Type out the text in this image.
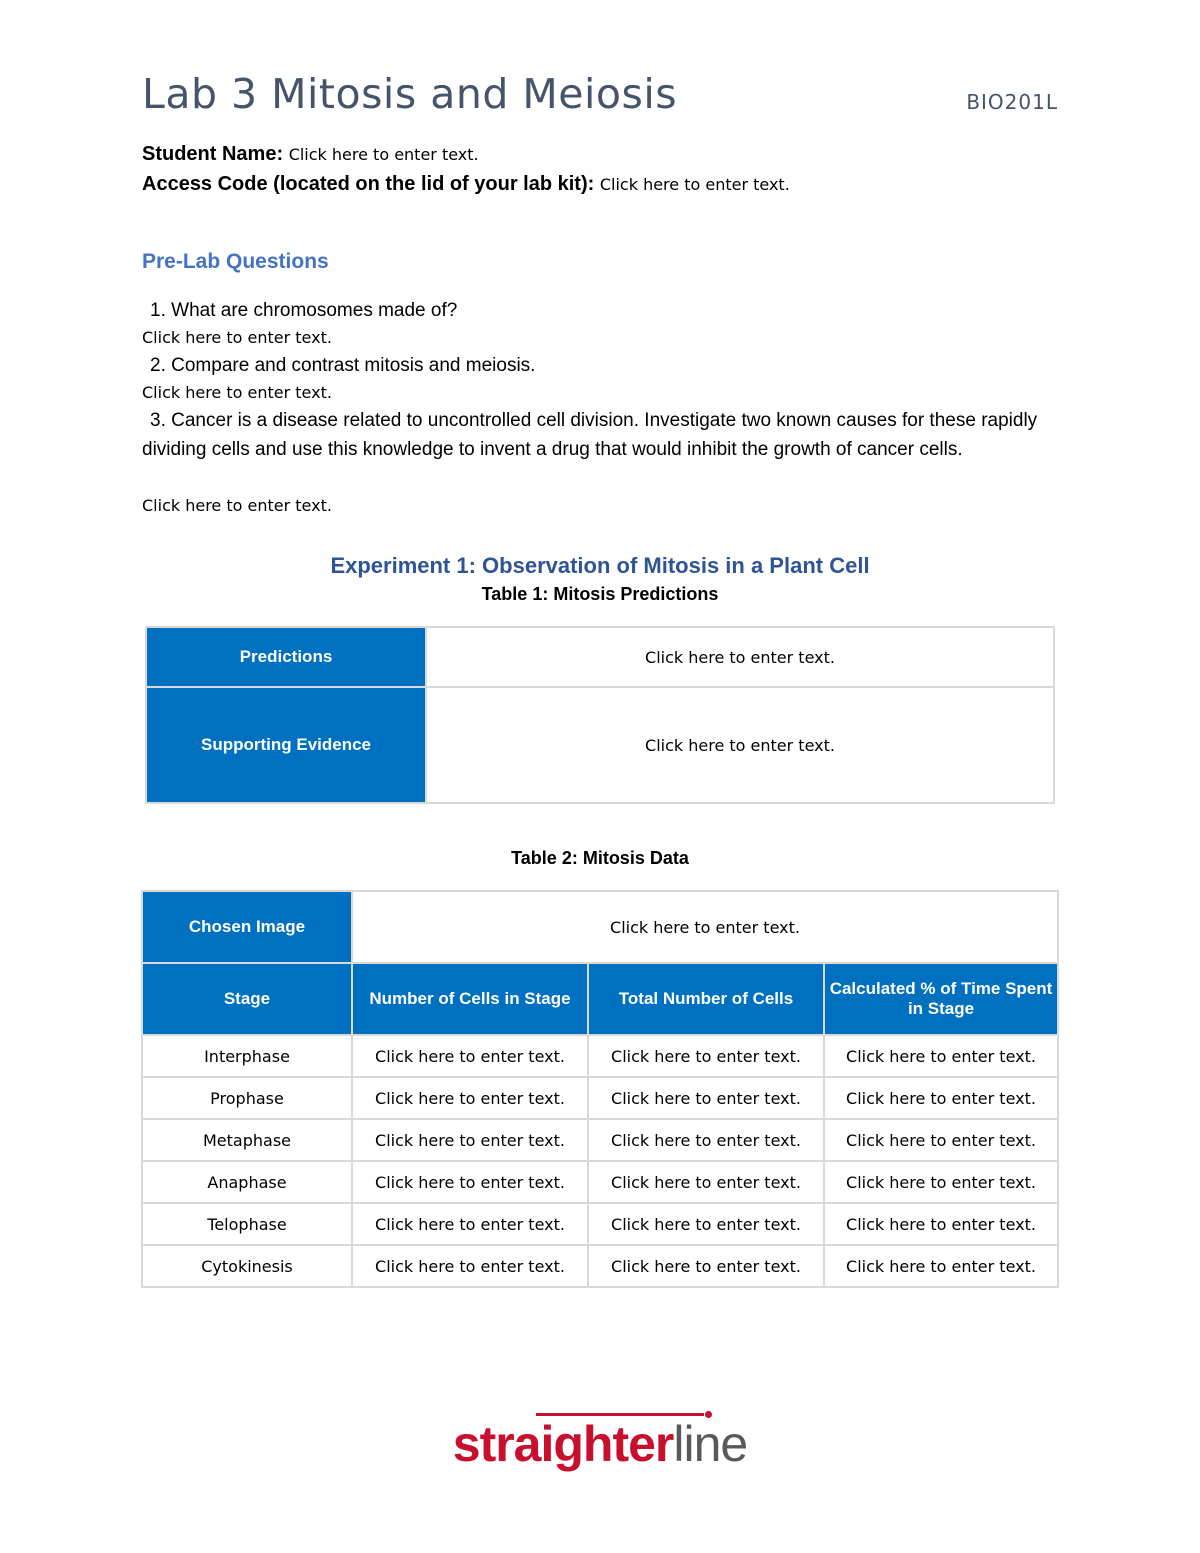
Lab 3 Mitosis and Meiosis	BIO201L
Student Name: Click here to enter text.
Access Code (located on the lid of your lab kit): Click here to enter text.
Pre-Lab Questions
1. What are chromosomes made of?
Click here to enter text.
2. Compare and contrast mitosis and meiosis.
Click here to enter text.
3. Cancer is a disease related to uncontrolled cell division. Investigate two known causes for these rapidly dividing cells and use this knowledge to invent a drug that would inhibit the growth of cancer cells.
Click here to enter text.
Experiment 1: Observation of Mitosis in a Plant Cell
Table 1: Mitosis Predictions
Predictions	Click here to enter text.
Supporting Evidence	Click here to enter text.
Table 2: Mitosis Data
Chosen Image	Click here to enter text.		
Stage	Number of Cells in Stage	Total Number of Cells	Calculated % of Time Spent in Stage
Interphase	Click here to enter text.	Click here to enter text.	Click here to enter text.
Prophase	Click here to enter text.	Click here to enter text.	Click here to enter text.
Metaphase	Click here to enter text.	Click here to enter text.	Click here to enter text.
Anaphase	Click here to enter text.	Click here to enter text.	Click here to enter text.
Telophase	Click here to enter text.	Click here to enter text.	Click here to enter text.
Cytokinesis	Click here to enter text.	Click here to enter text.	Click here to enter text.
straighterline
